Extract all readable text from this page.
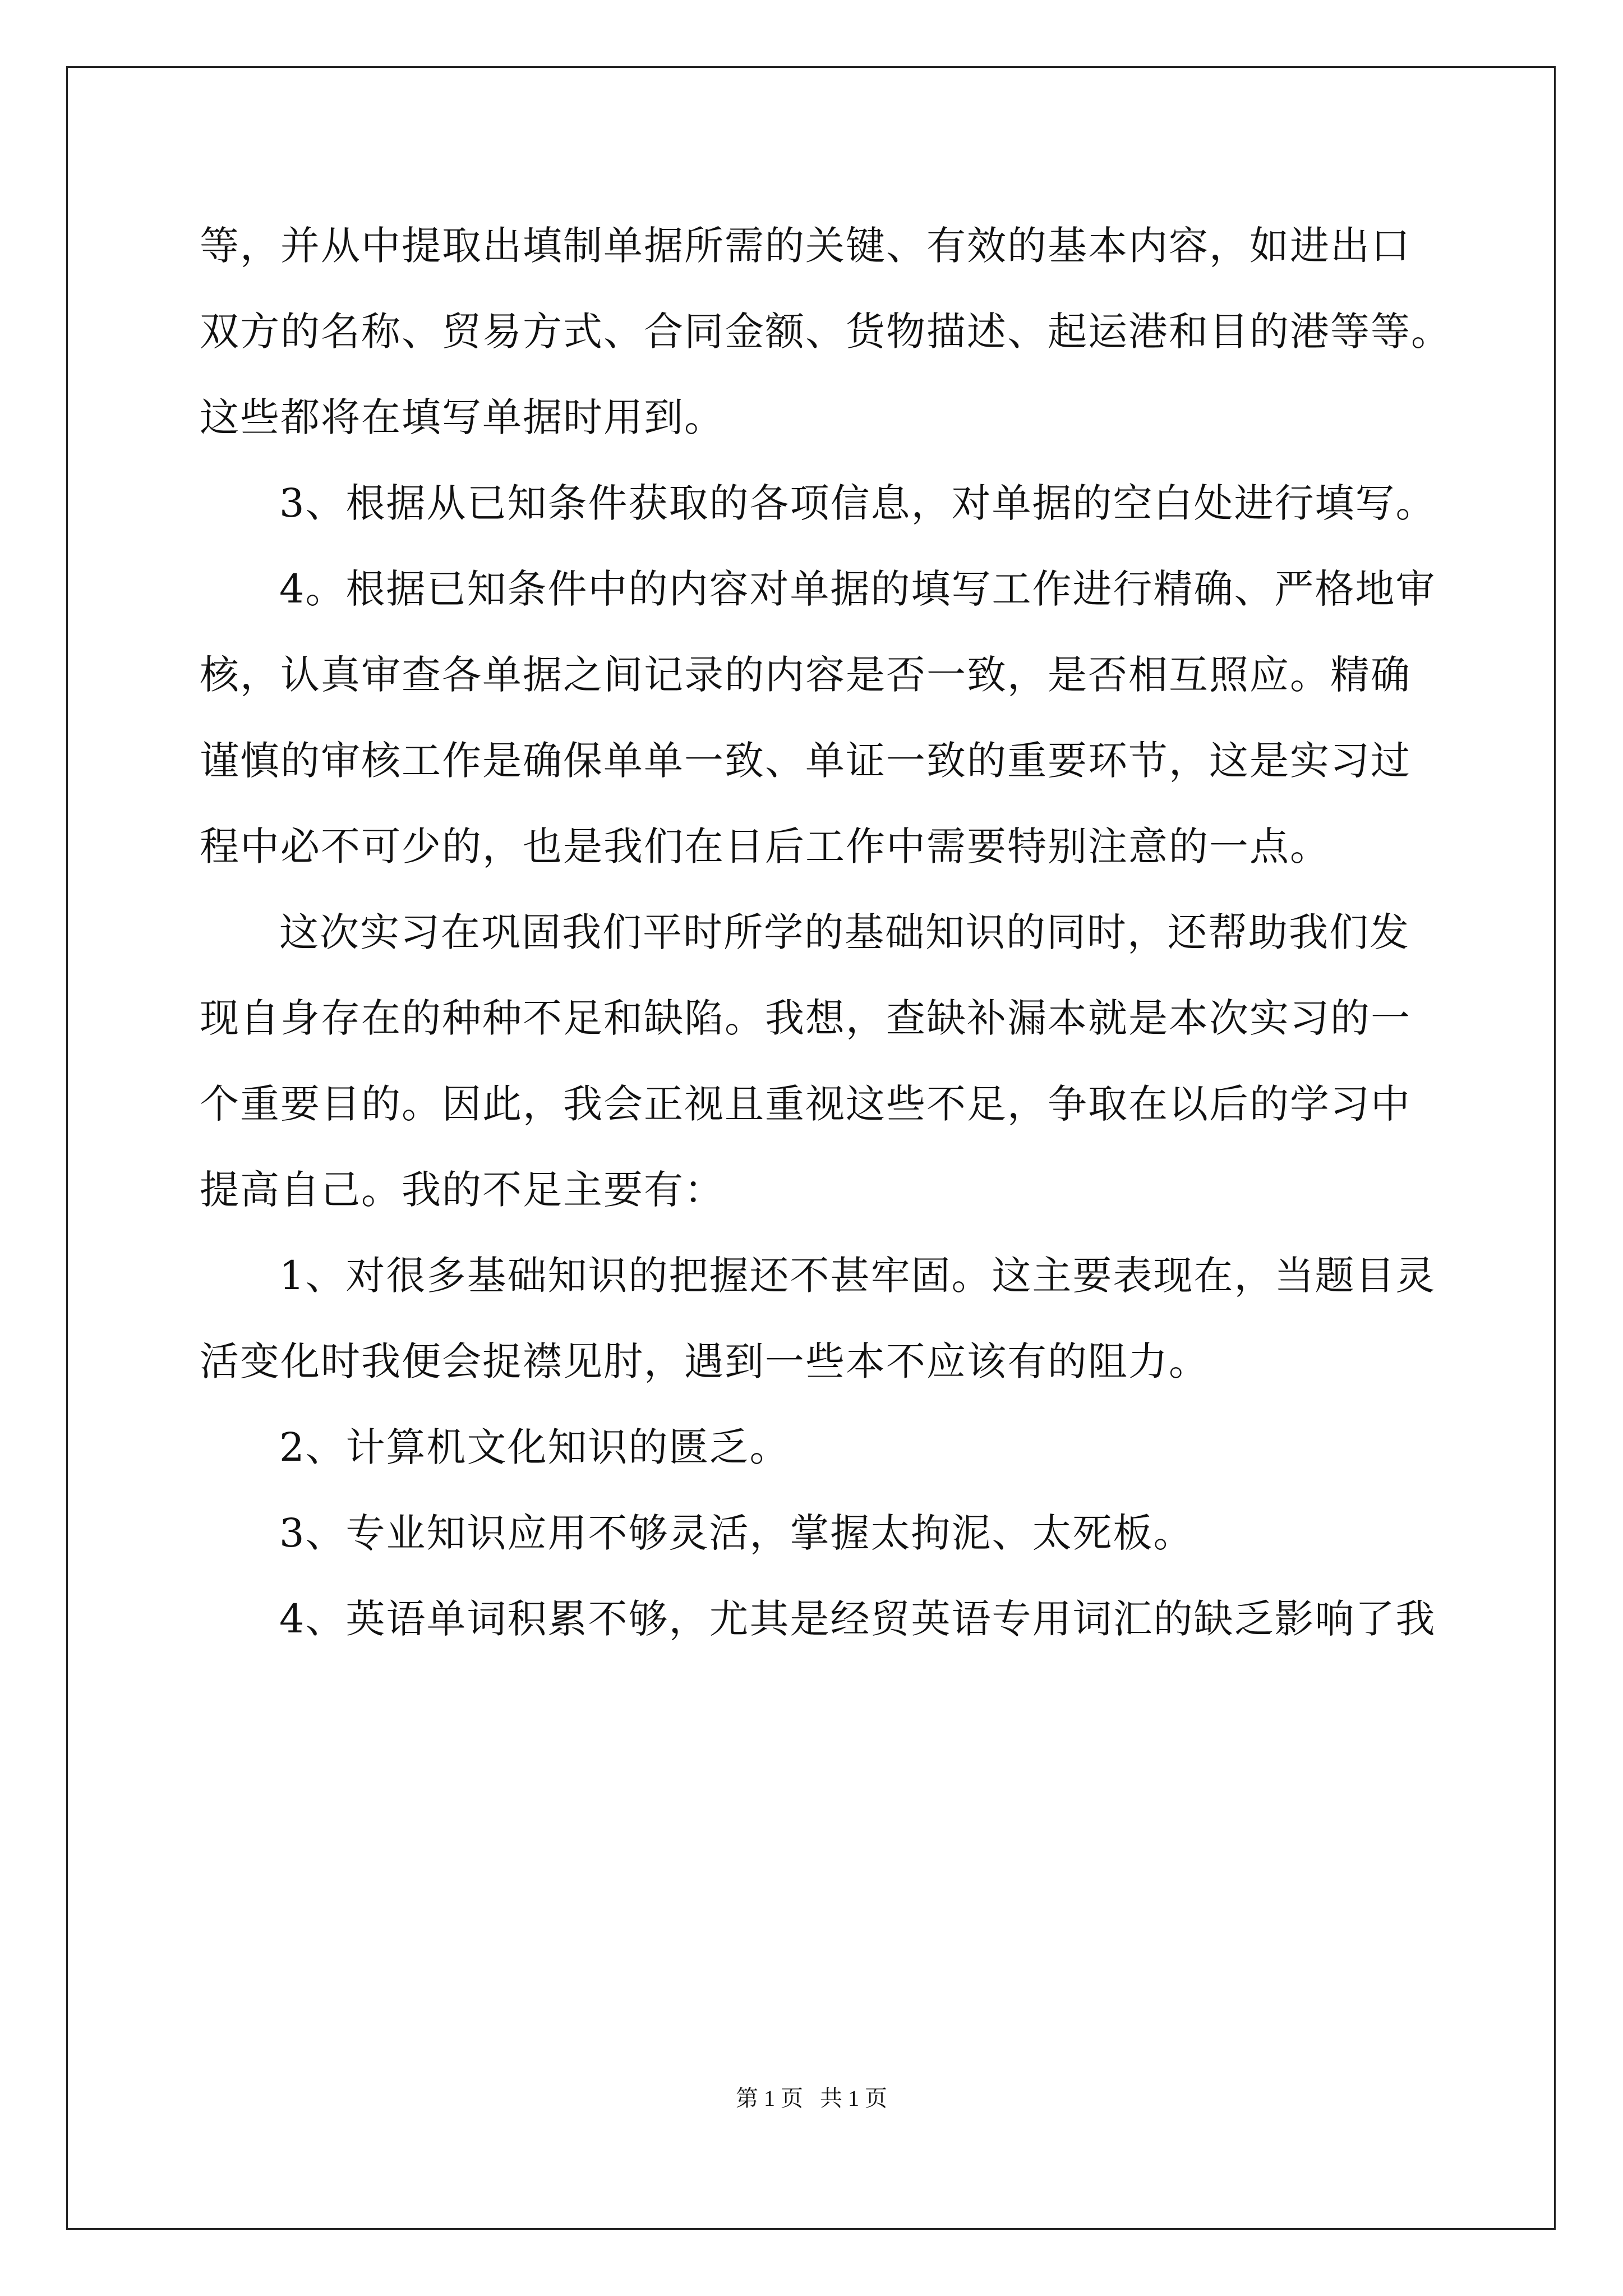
等，并从中提取出填制单据所需的关键、有效的基本内容，如进出口
双方的名称、贸易方式、合同金额、货物描述、起运港和目的港等等。
这些都将在填写单据时用到。
3、根据从已知条件获取的各项信息，对单据的空白处进行填写。
4。根据已知条件中的内容对单据的填写工作进行精确、严格地审
核，认真审查各单据之间记录的内容是否一致，是否相互照应。精确
谨慎的审核工作是确保单单一致、单证一致的重要环节，这是实习过
程中必不可少的，也是我们在日后工作中需要特别注意的一点。
这次实习在巩固我们平时所学的基础知识的同时，还帮助我们发
现自身存在的种种不足和缺陷。我想，查缺补漏本就是本次实习的一
个重要目的。因此，我会正视且重视这些不足，争取在以后的学习中
提高自己。我的不足主要有：
1、对很多基础知识的把握还不甚牢固。这主要表现在，当题目灵
活变化时我便会捉襟见肘，遇到一些本不应该有的阻力。
2、计算机文化知识的匮乏。
3、专业知识应用不够灵活，掌握太拘泥、太死板。
4、英语单词积累不够，尤其是经贸英语专用词汇的缺乏影响了我
第 1 页   共 1 页
